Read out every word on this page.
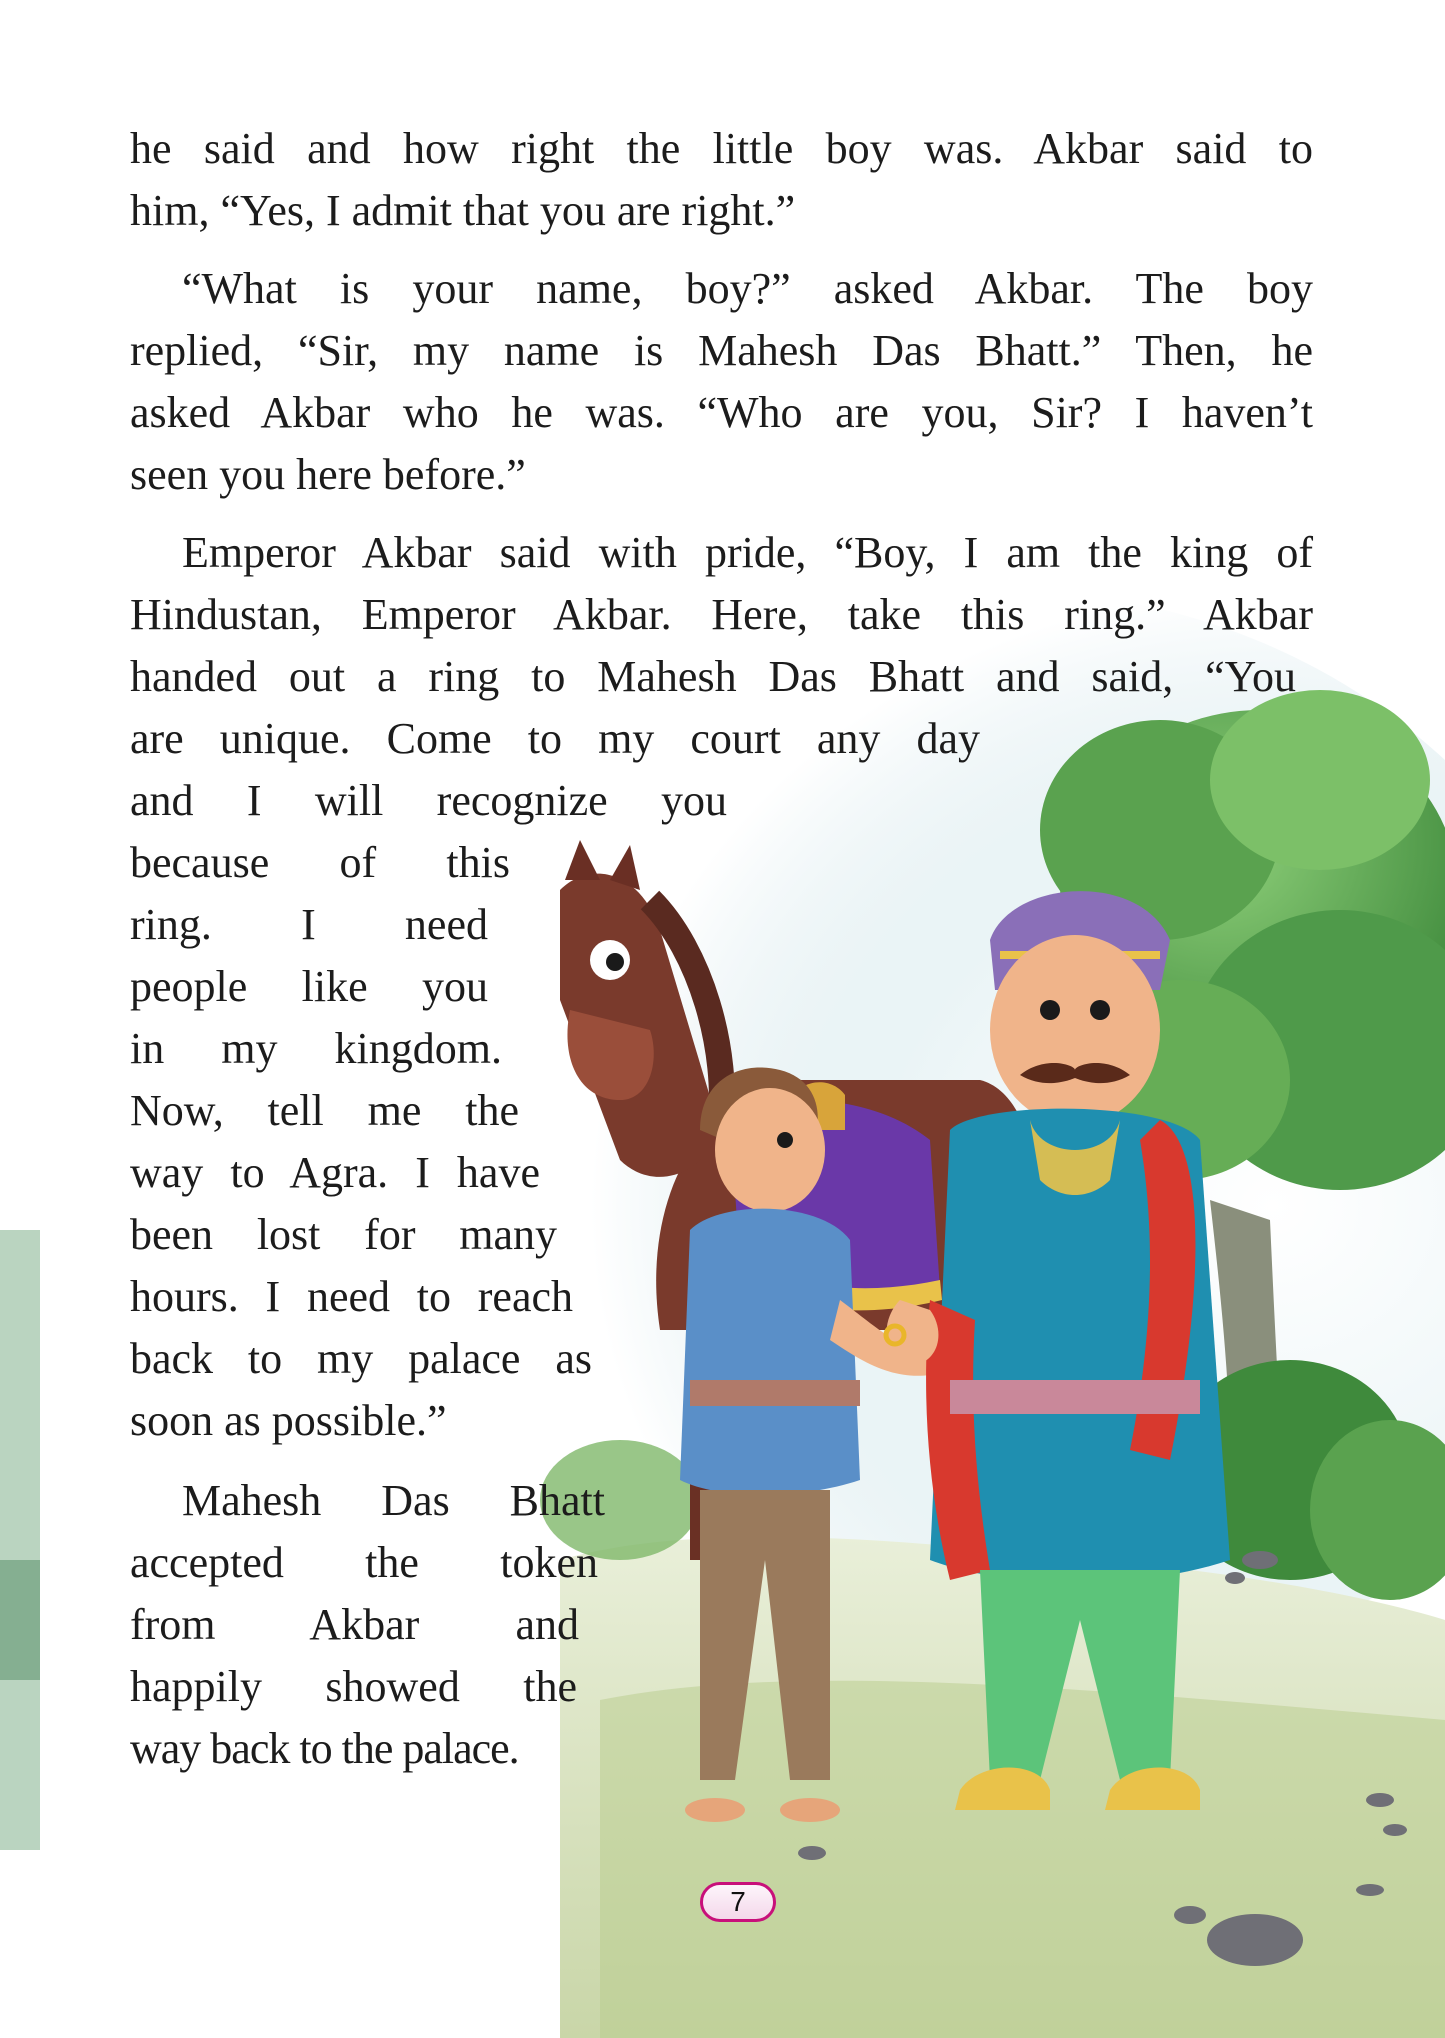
he said and how right the little boy was. Akbar said to

him, “Yes, I admit that you are right.”

“What is your name, boy?” asked Akbar. The boy

replied, “Sir, my name is Mahesh Das Bhatt.” Then, he

asked Akbar who he was. “Who are you, Sir? I haven’t

seen you here before.”

Emperor Akbar said with pride, “Boy, I am the king of

Hindustan, Emperor Akbar. Here, take this ring.” Akbar

handed out a ring to Mahesh Das Bhatt and said, “You

are unique. Come to my court any day

and I will recognize you

because of this

ring. I need

people like you

in my kingdom.

Now, tell me the

way to Agra. I have

been lost for many

hours. I need to reach

back to my palace as

soon as possible.”

Mahesh Das Bhatt

accepted the token

from Akbar and

happily showed the

way back to the palace.

7
